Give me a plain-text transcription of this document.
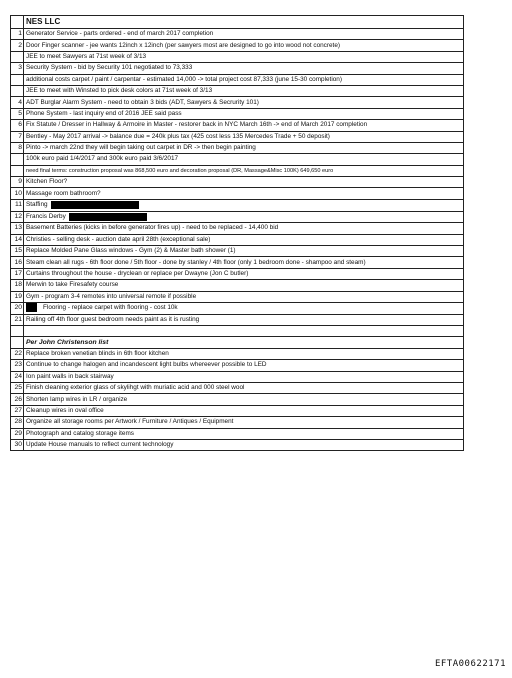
	NES LLC
1	Generator Service - parts ordered - end of march 2017 completion
2	Door Finger scanner - jee wants 12inch x 12inch (per sawyers most are designed to go into wood not concrete)
	JEE to meet Sawyers at 71st week of 3/13
3	Security System - bid by Security 101 negotiated to 73,333
	additional costs carpet / paint / carpentar - estimated 14,000 -> total project cost 87,333 (june 15-30 completion)
	JEE to meet with Winsted to pick desk colors at 71st week of 3/13
4	ADT Burglar Alarm System - need to obtain 3 bids (ADT, Sawyers & Secrurity 101)
5	Phone System - last inquiry end of 2016 JEE said pass
6	Fix Statute / Dresser in Hallway & Armoire in Master - restorer back in NYC March 16th -> end of March 2017 completion
7	Bentley - May 2017 arrival -> balance due = 240k plus tax (425 cost less 135 Mercedes Trade + 50 deposit)
8	Pinto -> march 22nd they will begin taking out carpet in DR -> then begin painting
	100k euro paid 1/4/2017 and 300k euro paid 3/6/2017
	need final terms: construction proposal was 868,500 euro and decoration proposal (DR, Massage&Misc 100K) 649,650 euro
9	Kitchen Floor?
10	Massage room bathroom?
11	Staffing
12	Francis Derby
13	Basement Batteries (kicks in before generator fires up) - need to be replaced - 14,400 bid
14	Christies - selling desk - auction date april 28th (exceptional sale)
15	Replace Molded Pane Glass windows - Gym (2) & Master bath shower (1)
16	Steam clean all rugs - 6th floor done / 5th floor - done by stanley / 4th floor (only 1 bedroom done - shampoo and steam)
17	Curtains throughout the house - dryclean or replace per Dwayne (Jon C butler)
18	Merwin to take Firesafety course
19	Gym - program 3-4 remotes into universal remote if possible
20	Flooring - replace carpet with flooring - cost 10k
21	Railing off 4th floor guest bedroom needs paint as it is rusting

	Per John Christenson list
22	Replace broken venetian blinds in 6th floor kitchen
23	Continue to change halogen and incandescent light bulbs whereever possible to LED
24	Ion paint walls in back stairway
25	Finish cleaning exterior glass of skylihgt with muriatic acid and 000 steel wool
26	Shorten lamp wires in LR / organize
27	Cleanup wires in oval office
28	Organize all storage rooms per Artwork / Furniture / Antiques / Equipment
29	Photograph and catalog storage items
30	Update House manuals to reflect current technology
EFTA00622171
